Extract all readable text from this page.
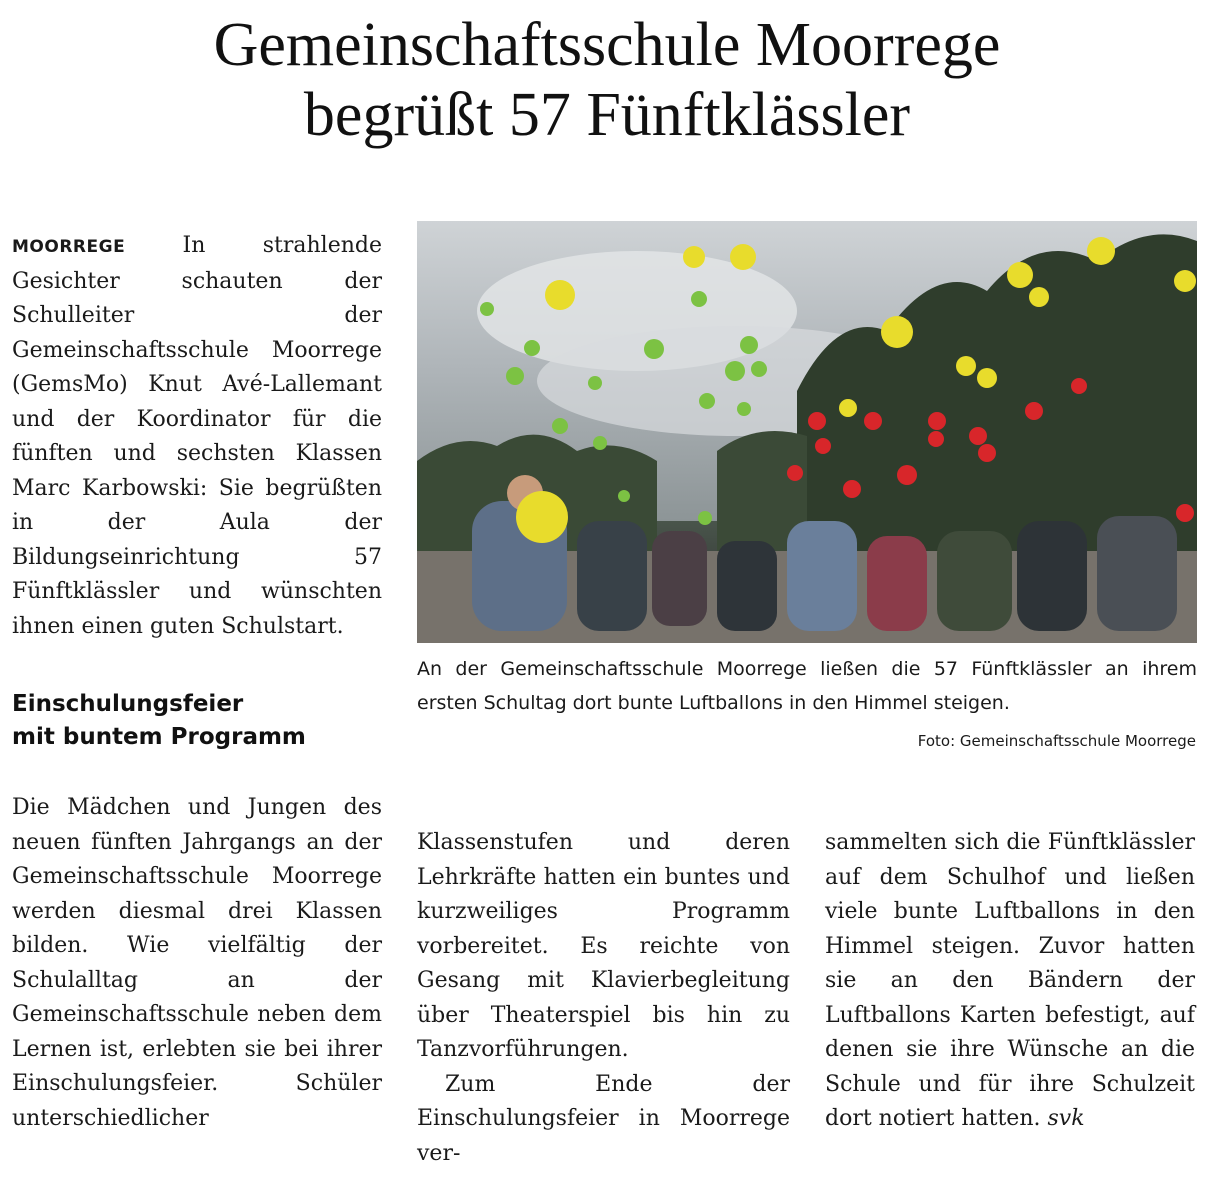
Gemeinschaftsschule Moorrege
begrüßt 57 Fünftklässler

MOORREGE	In strahlende Gesichter schauten der Schulleiter der Gemeinschaftsschule Moorrege (GemsMo) Knut Avé-Lallemant und der Koordinator für die fünften und sechsten Klassen Marc Karbowski: Sie begrüßten in der Aula der Bildungseinrichtung 57 Fünftklässler und wünschten ihnen einen guten Schulstart.

Einschulungsfeier
mit buntem Programm

Die Mädchen und Jungen des neuen fünften Jahrgangs an der Gemeinschaftsschule Moorrege werden diesmal drei Klassen bilden. Wie vielfältig der Schulalltag an der Gemeinschaftsschule neben dem Lernen ist, erlebten sie bei ihrer Einschulungsfeier. Schüler unterschiedlicher

An der Gemeinschaftsschule Moorrege ließen die 57 Fünftklässler an ihrem ersten Schultag dort bunte Luftballons in den Himmel steigen.

Foto: Gemeinschaftsschule Moorrege

Klassenstufen und deren Lehrkräfte hatten ein buntes und kurzweiliges Programm vorbereitet. Es reichte von Gesang mit Klavierbegleitung über Theaterspiel bis hin zu Tanzvorführungen.

Zum Ende der Einschulungsfeier in Moorrege ver-

sammelten sich die Fünftklässler auf dem Schulhof und ließen viele bunte Luftballons in den Himmel steigen. Zuvor hatten sie an den Bändern der Luftballons Karten befestigt, auf denen sie ihre Wünsche an die Schule und für ihre Schulzeit dort notiert hatten. svk
